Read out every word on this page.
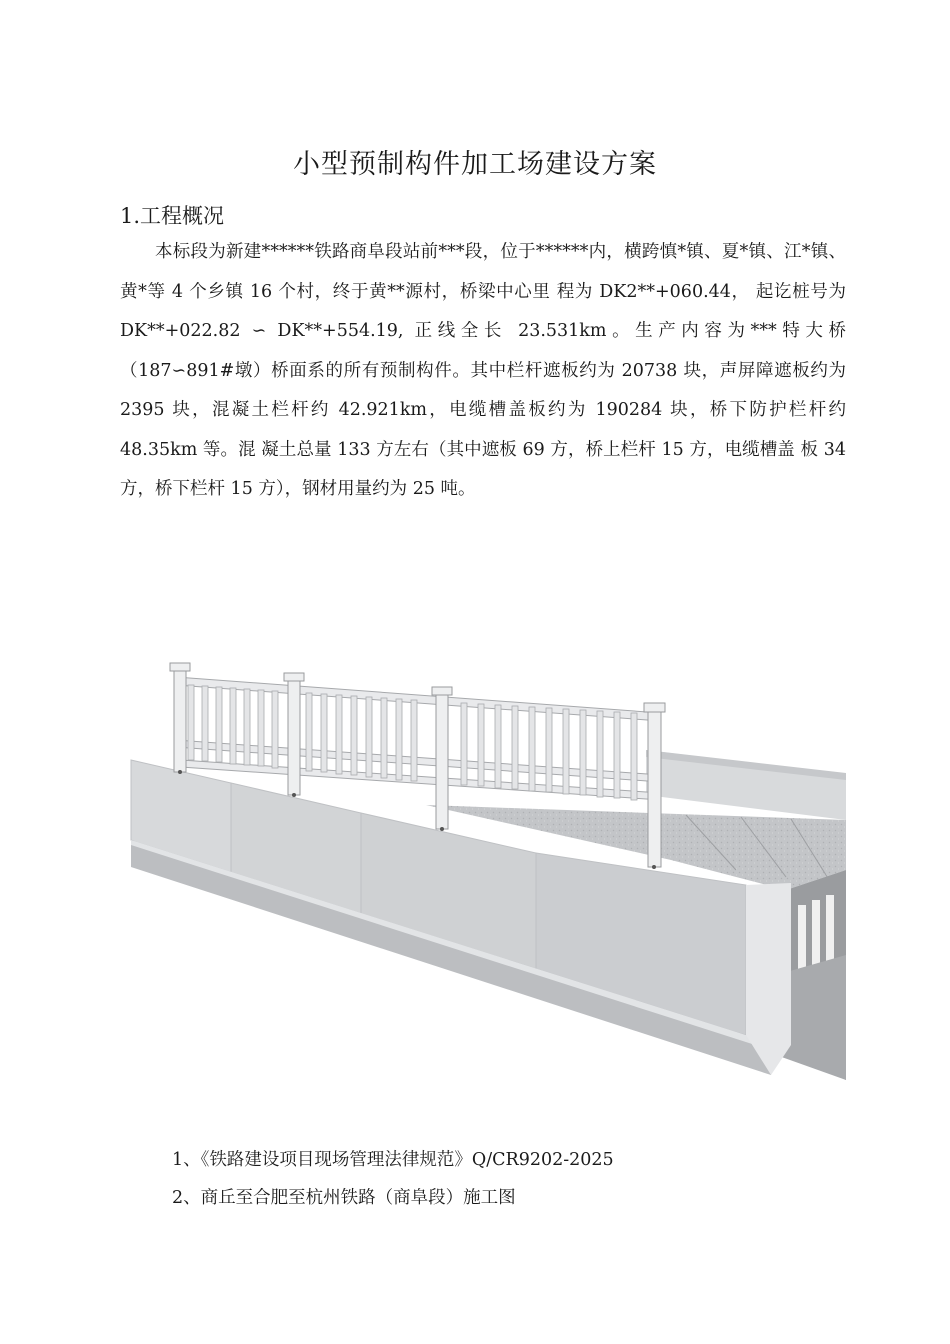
小型预制构件加工场建设方案
1.工程概况
本标段为新建******铁路商阜段站前***段，位于******内，横跨慎*镇、夏*镇、江*镇、黄*等 4 个乡镇 16 个村，终于黄**源村，桥梁中心里 程为 DK2**+060.44， 起讫桩号为 DK**+022.82 ∽ DK**+554.19, 正线全长 23.531km。生产内容为***特大桥（187∽891#墩）桥面系的所有预制构件。其中栏杆遮板约为 20738 块，声屏障遮板约为 2395 块，混凝土栏杆约 42.921km，电缆槽盖板约为 190284 块，桥下防护栏杆约 48.35km 等。混 凝土总量 133 方左右（其中遮板 69 方，桥上栏杆 15 方，电缆槽盖 板 34 方，桥下栏杆 15 方），钢材用量约为 25 吨。
1、《铁路建设项目现场管理法律规范》Q/CR9202-2025
2、商丘至合肥至杭州铁路（商阜段）施工图
